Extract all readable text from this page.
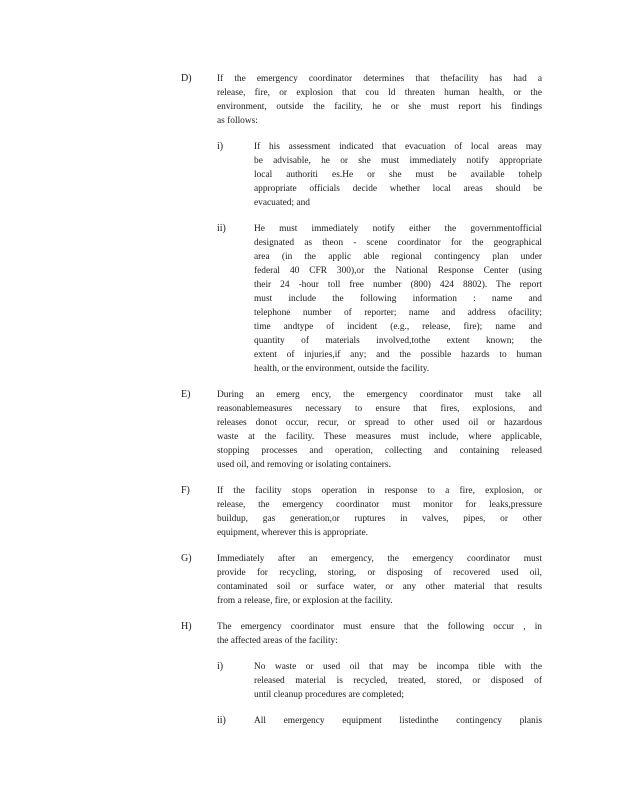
D)	If the emergency coordinator determines that thefacility has had a
release, fire, or explosion that cou ld threaten human health, or the
environment, outside the facility, he or she must report his findings
as follows:
i)	If his assessment indicated that evacuation of local areas may
be advisable, he or she must immediately notify appropriate
local authoriti es.He or she must be available tohelp
appropriate officials decide whether local areas should be
evacuated; and
ii)	He must immediately notify either the governmentofficial
designated as theon - scene coordinator for the geographical
area (in the applic able regional contingency plan under
federal 40 CFR 300),or the National Response Center (using
their 24 -hour toll free number (800) 424 8802). The report
must include the following information : name and
telephone number of reporter; name and address ofacility;
time andtype of incident (e.g., release, fire); name and
quantity of materials involved,tothe extent known; the
extent of injuries,if any; and the possible hazards to human
health, or the environment, outside the facility.
E)	During an emerg ency, the emergency coordinator must take all
reasonablemeasures necessary to ensure that fires, explosions, and
releases donot occur, recur, or spread to other used oil or hazardous
waste at the facility. These measures must include, where applicable,
stopping processes and operation, collecting and containing released
used oil, and removing or isolating containers.
F)	If the facility stops operation in response to a fire, explosion, or
release, the emergency coordinator must monitor for leaks,pressure
buildup, gas generation,or ruptures in valves, pipes, or other
equipment, wherever this is appropriate.
G)	Immediately after an emergency, the emergency coordinator must
provide for recycling, storing, or disposing of recovered used oil,
contaminated soil or surface water, or any other material that results
from a release, fire, or explosion at the facility.
H)	The emergency coordinator must ensure that the following occur , in
the affected areas of the facility:
i)	No waste or used oil that may be incompa tible with the
released material is recycled, treated, stored, or disposed of
until cleanup procedures are completed;
ii)	All emergency equipment listedinthe contingency planis
